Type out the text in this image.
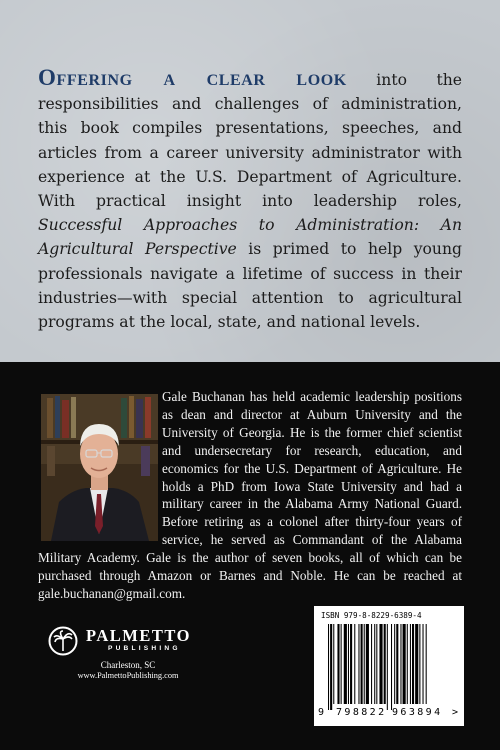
Offering a clear look into the responsibilities and challenges of administration, this book compiles presentations, speeches, and articles from a career university administrator with experience at the U.S. Department of Agriculture. With practical insight into leadership roles, Successful Approaches to Administration: An Agricultural Perspective is primed to help young professionals navigate a lifetime of success in their industries—with special attention to agricultural programs at the local, state, and national levels.

Gale Buchanan has held academic leadership positions as dean and director at Auburn University and the University of Georgia. He is the former chief scientist and undersecretary for research, education, and economics for the U.S. Department of Agriculture. He holds a PhD from Iowa State University and had a military career in the Alabama Army National Guard. Before retiring as a colonel after thirty-four years of service, he served as Commandant of the Alabama Military Academy. Gale is the author of seven books, all of which can be purchased through Amazon or Barnes and Noble. He can be reached at gale.buchanan@gmail.com.

PALMETTO
PUBLISHING
Charleston, SC
www.PalmettoPublishing.com
ISBN 979-8-8229-6389-4
9 798822 963894 >
